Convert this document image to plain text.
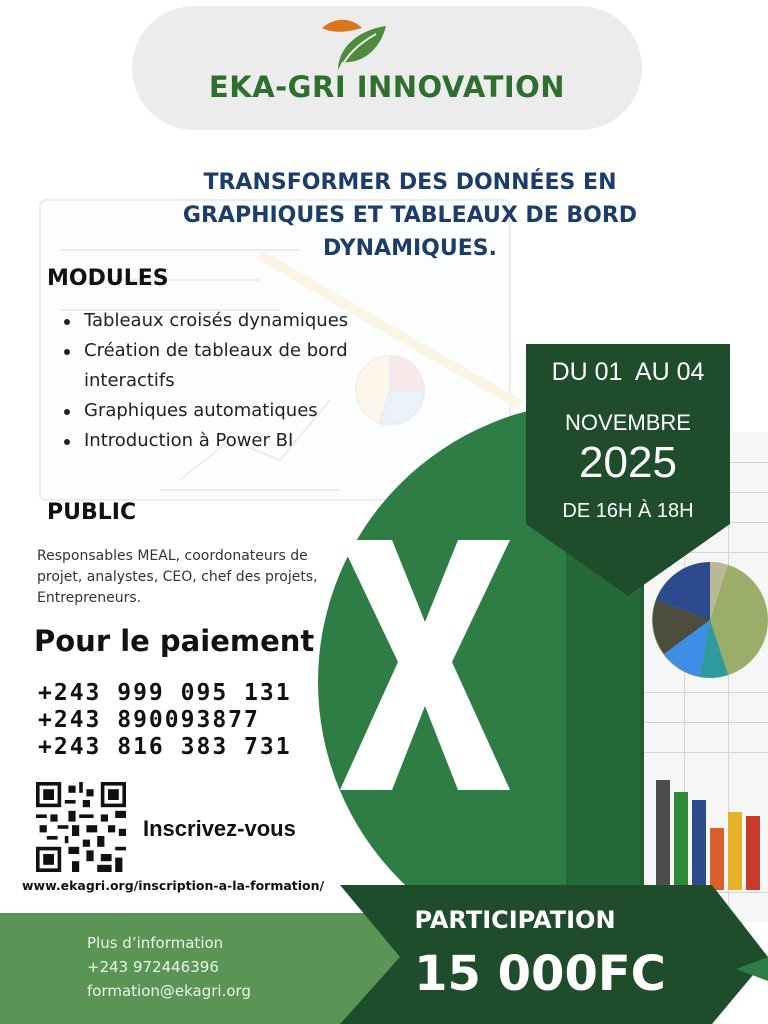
EKA-GRI INNOVATION
TRANSFORMER DES DONNÉES EN
GRAPHIQUES ET TABLEAUX DE BORD
DYNAMIQUES.
DU 01  AU 04
NOVEMBRE
2025
DE 16H À 18H
MODULES
Tableaux croisés dynamiques
Création de tableaux de bord interactifs
Graphiques automatiques
Introduction à Power BI
PUBLIC
Responsables MEAL, coordonateurs de projet, analystes, CEO, chef des projets, Entrepreneurs.
Pour le paiement
+243 999 095 131
+243 890093877
+243 816 383 731
Inscrivez-vous
www.ekagri.org/inscription-a-la-formation/
Plus d’information
+243 972446396
formation@ekagri.org
PARTICIPATION
15 000FC
